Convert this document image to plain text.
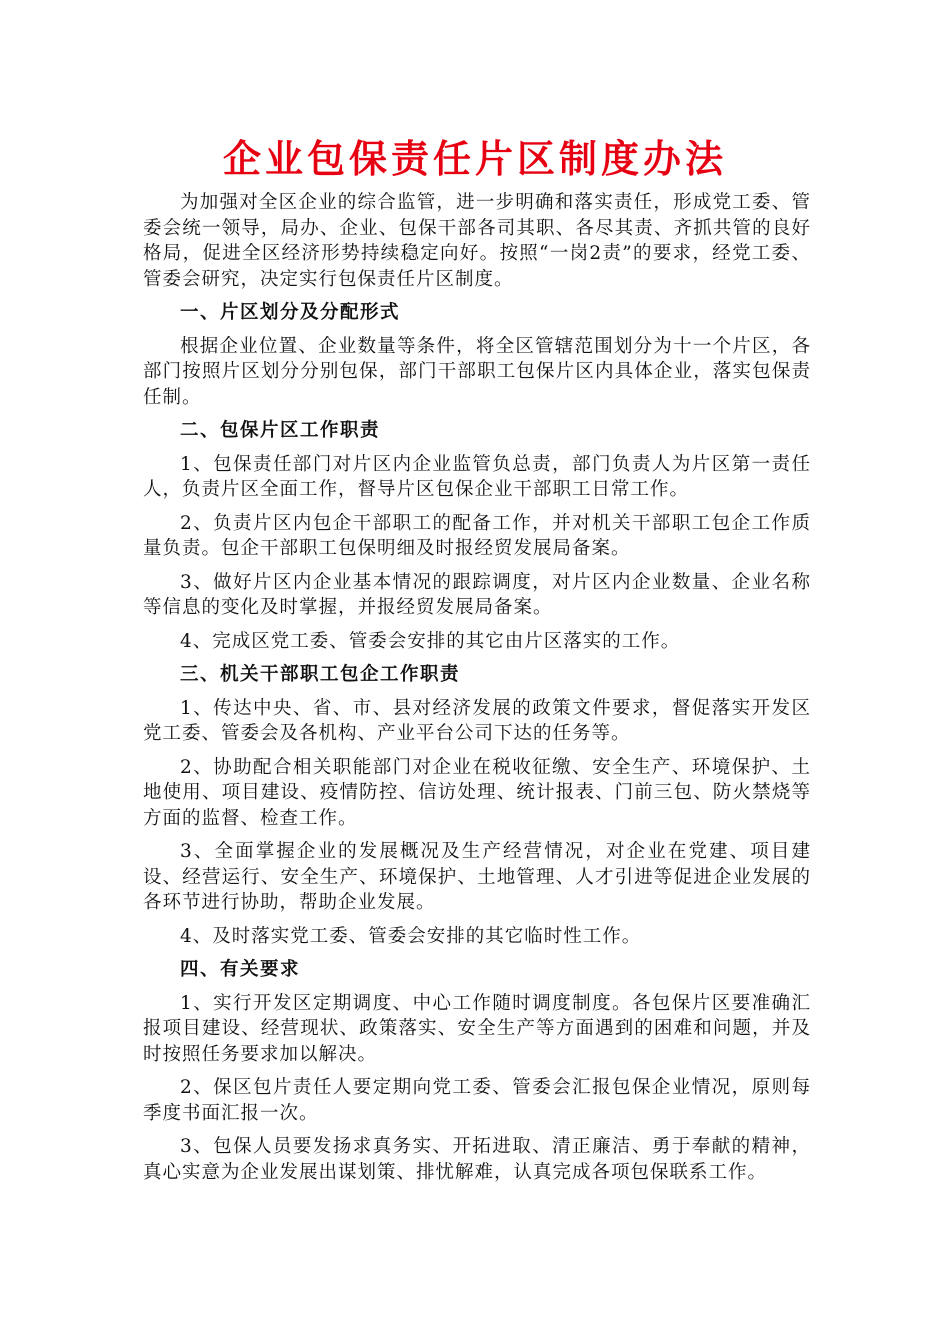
企业包保责任片区制度办法

为加强对全区企业的综合监管，进一步明确和落实责任，形成党工委、管委会统一领导，局办、企业、包保干部各司其职、各尽其责、齐抓共管的良好格局，促进全区经济形势持续稳定向好。按照“一岗2责”的要求，经党工委、管委会研究，决定实行包保责任片区制度。

一、片区划分及分配形式

根据企业位置、企业数量等条件，将全区管辖范围划分为十一个片区，各部门按照片区划分分别包保，部门干部职工包保片区内具体企业，落实包保责任制。

二、包保片区工作职责

1、包保责任部门对片区内企业监管负总责，部门负责人为片区第一责任人，负责片区全面工作，督导片区包保企业干部职工日常工作。

2、负责片区内包企干部职工的配备工作，并对机关干部职工包企工作质量负责。包企干部职工包保明细及时报经贸发展局备案。

3、做好片区内企业基本情况的跟踪调度，对片区内企业数量、企业名称等信息的变化及时掌握，并报经贸发展局备案。

4、完成区党工委、管委会安排的其它由片区落实的工作。

三、机关干部职工包企工作职责

1、传达中央、省、市、县对经济发展的政策文件要求，督促落实开发区党工委、管委会及各机构、产业平台公司下达的任务等。

2、协助配合相关职能部门对企业在税收征缴、安全生产、环境保护、土地使用、项目建设、疫情防控、信访处理、统计报表、门前三包、防火禁烧等方面的监督、检查工作。

3、全面掌握企业的发展概况及生产经营情况，对企业在党建、项目建设、经营运行、安全生产、环境保护、土地管理、人才引进等促进企业发展的各环节进行协助，帮助企业发展。

4、及时落实党工委、管委会安排的其它临时性工作。

四、有关要求

1、实行开发区定期调度、中心工作随时调度制度。各包保片区要准确汇报项目建设、经营现状、政策落实、安全生产等方面遇到的困难和问题，并及时按照任务要求加以解决。

2、保区包片责任人要定期向党工委、管委会汇报包保企业情况，原则每季度书面汇报一次。

3、包保人员要发扬求真务实、开拓进取、清正廉洁、勇于奉献的精神，真心实意为企业发展出谋划策、排忧解难，认真完成各项包保联系工作。
